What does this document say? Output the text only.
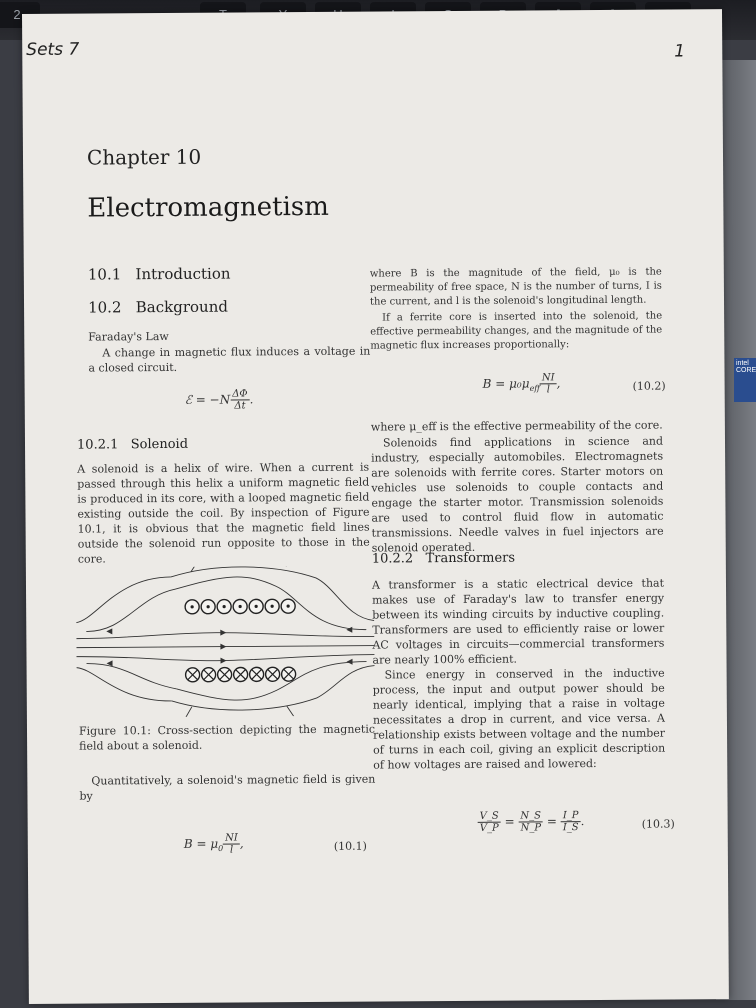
2
intel CORE
Sets 7	1
Chapter 10
Electromagnetism
10.1   Introduction
10.2   Background
Faraday's Law
A change in magnetic flux induces a voltage in a closed circuit.
ℰ = $-N \frac{\Delta\Phi}{\Delta t}$ .
10.2.1   Solenoid
A solenoid is a helix of wire. When a current is passed through this helix a uniform magnetic field is produced in its core, with a looped magnetic field existing outside the coil. By inspection of Figure 10.1, it is obvious that the magnetic field lines outside the solenoid run opposite to those in the core.
Figure 10.1: Cross-section depicting the magnetic field about a solenoid.
Quantitatively, a solenoid's magnetic field is given by
$B = \mu_0 \frac{NI}{l}$ ,	(10.1)
where B is the magnitude of the field, μ₀ is the permeability of free space, N is the number of turns, I is the current, and l is the solenoid's longitudinal length.
If a ferrite core is inserted into the solenoid, the effective permeability changes, and the magnitude of the magnetic flux increases proportionally:
$B = \mu_0\mu_{eff} \frac{NI}{l}$ ,	(10.2)
where μ_eff is the effective permeability of the core.
Solenoids find applications in science and industry, especially automobiles. Electromagnets are solenoids with ferrite cores. Starter motors on vehicles use solenoids to couple contacts and engage the starter motor. Transmission solenoids are used to control fluid flow in automatic transmissions. Needle valves in fuel injectors are solenoid operated.
10.2.2   Transformers
A transformer is a static electrical device that makes use of Faraday's law to transfer energy between its winding circuits by inductive coupling. Transformers are used to efficiently raise or lower AC voltages in circuits—commercial transformers are nearly 100% efficient.
Since energy in conserved in the inductive process, the input and output power should be nearly identical, implying that a raise in voltage necessitates a drop in current, and vice versa. A relationship exists between voltage and the number of turns in each coil, giving an explicit description of how voltages are raised and lowered:
$\frac{V\_S}{V\_P} = \frac{N\_S}{N\_P} = \frac{I\_P}{I\_S}$ .	(10.3)
